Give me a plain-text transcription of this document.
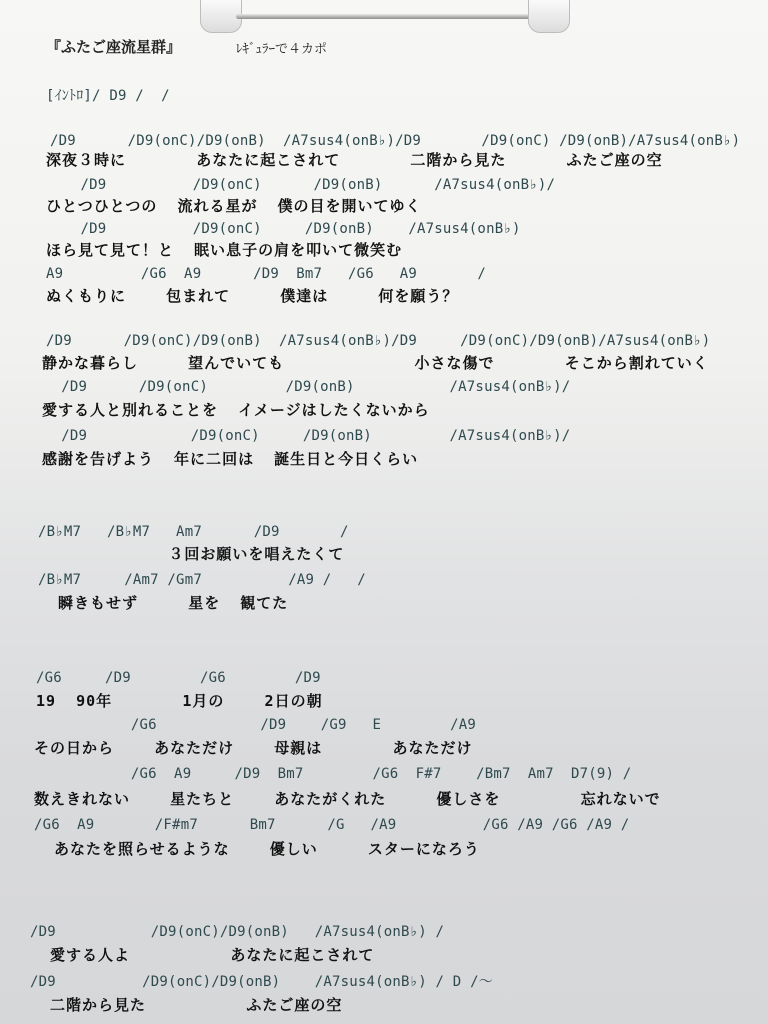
『ふたご座流星群』	ﾚｷﾞｭﾗｰで４カポ
[ｲﾝﾄﾛ]/ D9 /  /
/D9      /D9(onC)/D9(onB)  /A7sus4(onB♭)/D9       /D9(onC) /D9(onB)/A7sus4(onB♭)
深夜３時に       あなたに起こされて       二階から見た      ふたご座の空
/D9          /D9(onC)      /D9(onB)      /A7sus4(onB♭)/
ひとつひとつの  流れる星が  僕の目を開いてゆく
/D9          /D9(onC)     /D9(onB)    /A7sus4(onB♭)
ほら見て見て！と  眠い息子の肩を叩いて微笑む
A9         /G6  A9      /D9  Bm7   /G6   A9       /
ぬくもりに    包まれて     僕達は     何を願う？
/D9      /D9(onC)/D9(onB)  /A7sus4(onB♭)/D9     /D9(onC)/D9(onB)/A7sus4(onB♭)
静かな暮らし     望んでいても             小さな傷で       そこから割れていく
/D9      /D9(onC)         /D9(onB)           /A7sus4(onB♭)/
愛する人と別れることを  イメージはしたくないから
/D9            /D9(onC)     /D9(onB)         /A7sus4(onB♭)/
感謝を告げよう  年に二回は  誕生日と今日くらい
/B♭M7   /B♭M7   Am7      /D9       /
３回お願いを唱えたくて
/B♭M7     /Am7 /Gm7          /A9 /   /
瞬きもせず     星を  観てた
/G6     /D9        /G6        /D9
19  90年       1月の    2日の朝
/G6            /D9    /G9   E        /A9
その日から    あなただけ    母親は       あなただけ
/G6  A9     /D9  Bm7        /G6  F#7    /Bm7  Am7  D7(9) /
数えきれない    星たちと    あなたがくれた     優しさを        忘れないで
/G6  A9       /F#m7      Bm7      /G   /A9          /G6 /A9 /G6 /A9 /
あなたを照らせるような    優しい     スターになろう
/D9           /D9(onC)/D9(onB)   /A7sus4(onB♭) /
愛する人よ          あなたに起こされて
/D9          /D9(onC)/D9(onB)    /A7sus4(onB♭) / D /～
二階から見た          ふたご座の空
